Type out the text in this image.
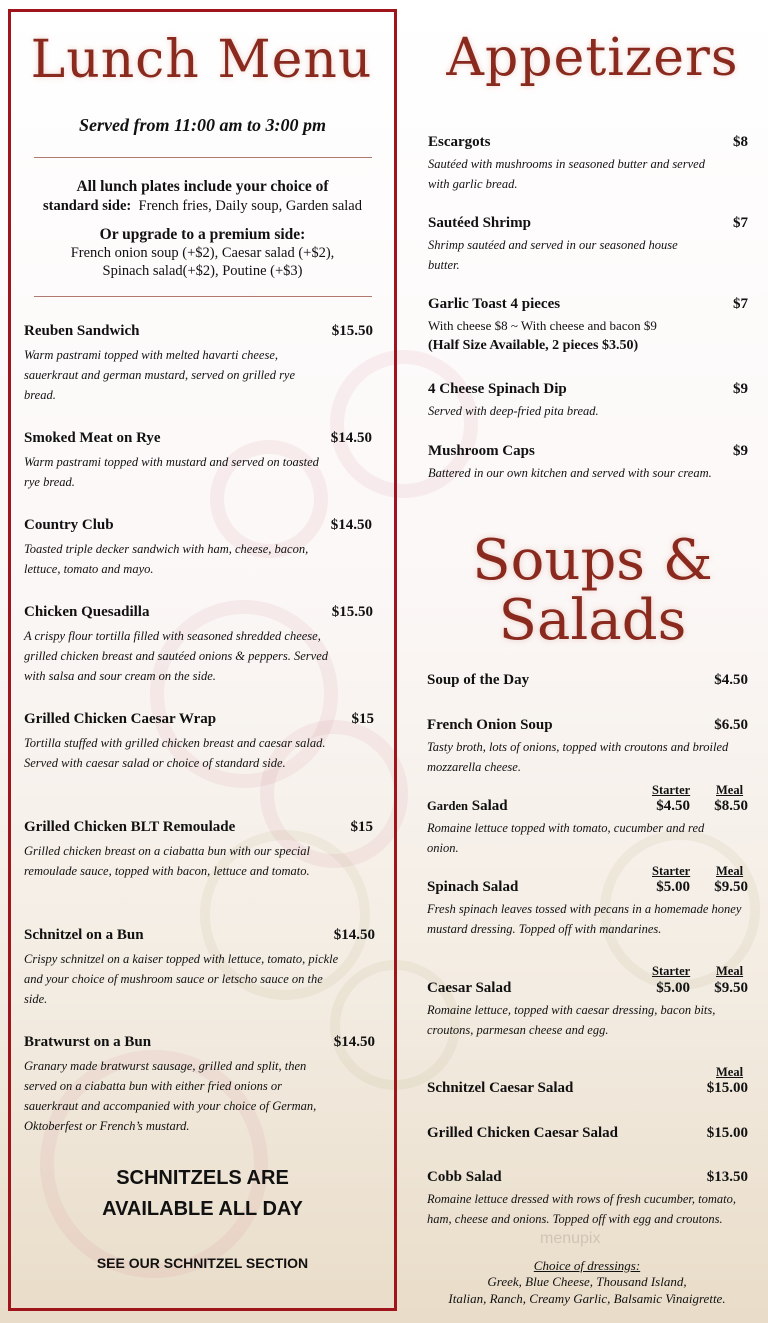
Lunch Menu
Served from 11:00 am to 3:00 pm
All lunch plates include your choice of
standard side: French fries, Daily soup, Garden salad
Or upgrade to a premium side:
French onion soup (+$2), Caesar salad (+$2),
Spinach salad(+$2), Poutine (+$3)
Reuben Sandwich	$15.50
Warm pastrami topped with melted havarti cheese, sauerkraut and german mustard, served on grilled rye bread.
Smoked Meat on Rye	$14.50
Warm pastrami topped with mustard and served on toasted rye bread.
Country Club	$14.50
Toasted triple decker sandwich with ham, cheese, bacon, lettuce, tomato and mayo.
Chicken Quesadilla	$15.50
A crispy flour tortilla filled with seasoned shredded cheese, grilled chicken breast and sautéed onions & peppers. Served with salsa and sour cream on the side.
Grilled Chicken Caesar Wrap	$15
Tortilla stuffed with grilled chicken breast and caesar salad. Served with caesar salad or choice of standard side.
Grilled Chicken BLT Remoulade	$15
Grilled chicken breast on a ciabatta bun with our special remoulade sauce, topped with bacon, lettuce and tomato.
Schnitzel on a Bun	$14.50
Crispy schnitzel on a kaiser topped with lettuce, tomato, pickle and your choice of mushroom sauce or letscho sauce on the side.
Bratwurst on a Bun	$14.50
Granary made bratwurst sausage, grilled and split, then served on a ciabatta bun with either fried onions or sauerkraut and accompanied with your choice of German, Oktoberfest or French’s mustard.
SCHNITZELS ARE
AVAILABLE ALL DAY
SEE OUR SCHNITZEL SECTION
Appetizers
Escargots	$8
Sautéed with mushrooms in seasoned butter and served with garlic bread.
Sautéed Shrimp	$7
Shrimp sautéed and served in our seasoned house butter.
Garlic Toast 4 pieces	$7
With cheese $8 ~ With cheese and bacon $9
(Half Size Available, 2 pieces $3.50)
4 Cheese Spinach Dip	$9
Served with deep-fried pita bread.
Mushroom Caps	$9
Battered in our own kitchen and served with sour cream.
Soups &
Salads
Soup of the Day	$4.50
French Onion Soup	$6.50
Tasty broth, lots of onions, topped with croutons and broiled mozzarella cheese.
Starter Meal
Garden Salad	$4.50	$8.50
Romaine lettuce topped with tomato, cucumber and red onion.
Starter Meal
Spinach Salad	$5.00	$9.50
Fresh spinach leaves tossed with pecans in a homemade honey mustard dressing. Topped off with mandarines.
Starter Meal
Caesar Salad	$5.00	$9.50
Romaine lettuce, topped with caesar dressing, bacon bits, croutons, parmesan cheese and egg.
Meal
Schnitzel Caesar Salad	$15.00
Grilled Chicken Caesar Salad	$15.00
Cobb Salad	$13.50
Romaine lettuce dressed with rows of fresh cucumber, tomato, ham, cheese and onions. Topped off with egg and croutons.
Choice of dressings:
Greek, Blue Cheese, Thousand Island,
Italian, Ranch, Creamy Garlic, Balsamic Vinaigrette.
menupix
